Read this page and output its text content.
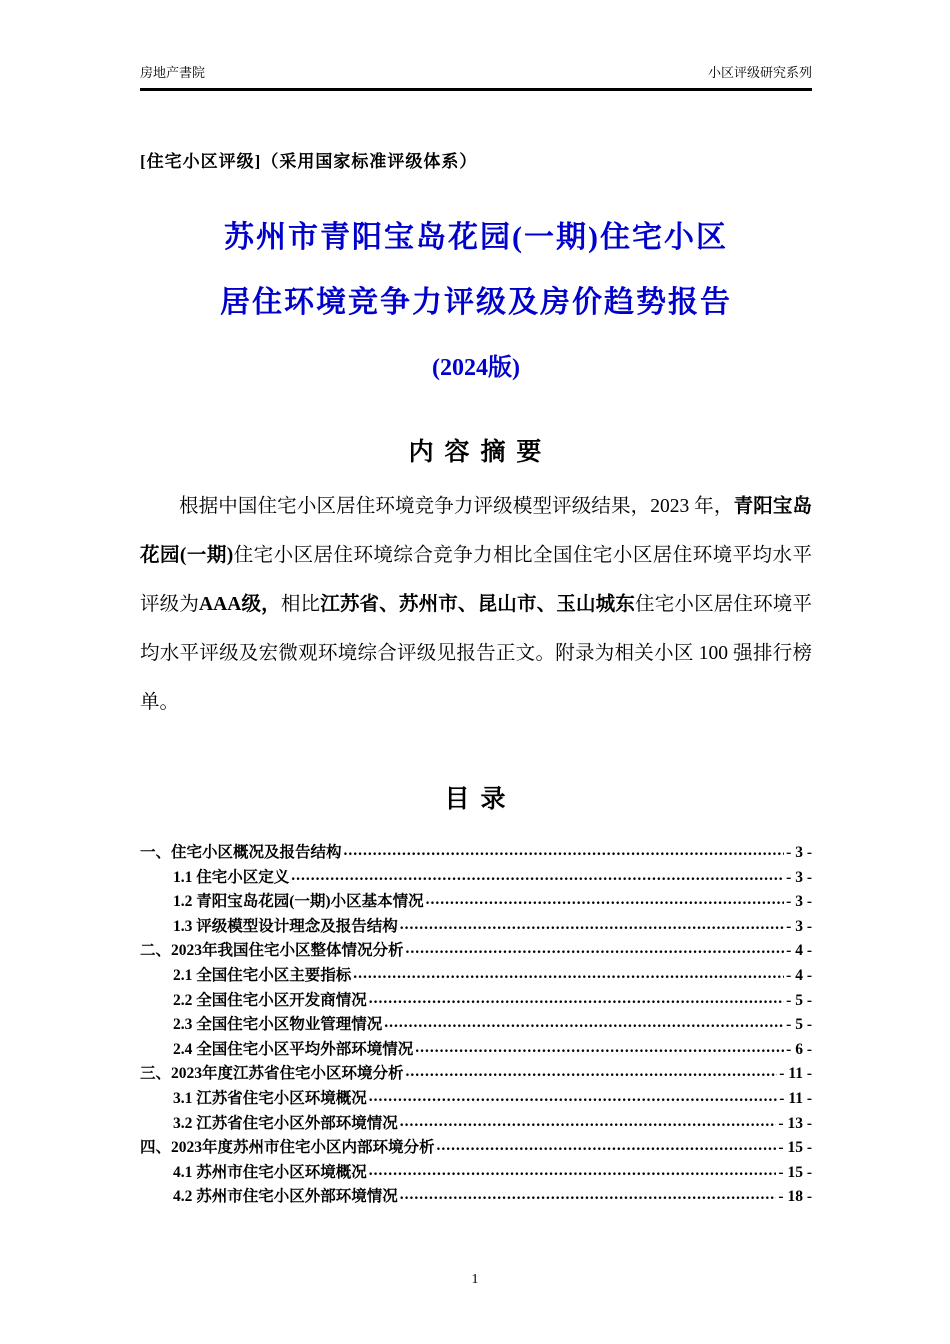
房地产書院	小区评级研究系列
[住宅小区评级]（采用国家标准评级体系）
苏州市青阳宝岛花园(一期)住宅小区
居住环境竞争力评级及房价趋势报告
(2024版)
内 容 摘 要

根据中国住宅小区居住环境竞争力评级模型评级结果，2023 年，青阳宝岛花园(一期)住宅小区居住环境综合竞争力相比全国住宅小区居住环境平均水平评级为AAA级，相比江苏省、苏州市、昆山市、玉山城东住宅小区居住环境平均水平评级及宏微观环境综合评级见报告正文。附录为相关小区 100 强排行榜单。

目 录
一、住宅小区概况及报告结构 .....	- 3 -
1.1 住宅小区定义 .....	- 3 -
1.2 青阳宝岛花园(一期)小区基本情况 .....	- 3 -
1.3 评级模型设计理念及报告结构 .....	- 3 -
二、2023年我国住宅小区整体情况分析 .....	- 4 -
2.1 全国住宅小区主要指标 .....	- 4 -
2.2 全国住宅小区开发商情况 .....	- 5 -
2.3 全国住宅小区物业管理情况 .....	- 5 -
2.4 全国住宅小区平均外部环境情况 .....	- 6 -
三、2023年度江苏省住宅小区环境分析 .....	- 11 -
3.1 江苏省住宅小区环境概况 .....	- 11 -
3.2 江苏省住宅小区外部环境情况 .....	- 13 -
四、2023年度苏州市住宅小区内部环境分析 .....	- 15 -
4.1 苏州市住宅小区环境概况 .....	- 15 -
4.2 苏州市住宅小区外部环境情况 .....	- 18 -
1
